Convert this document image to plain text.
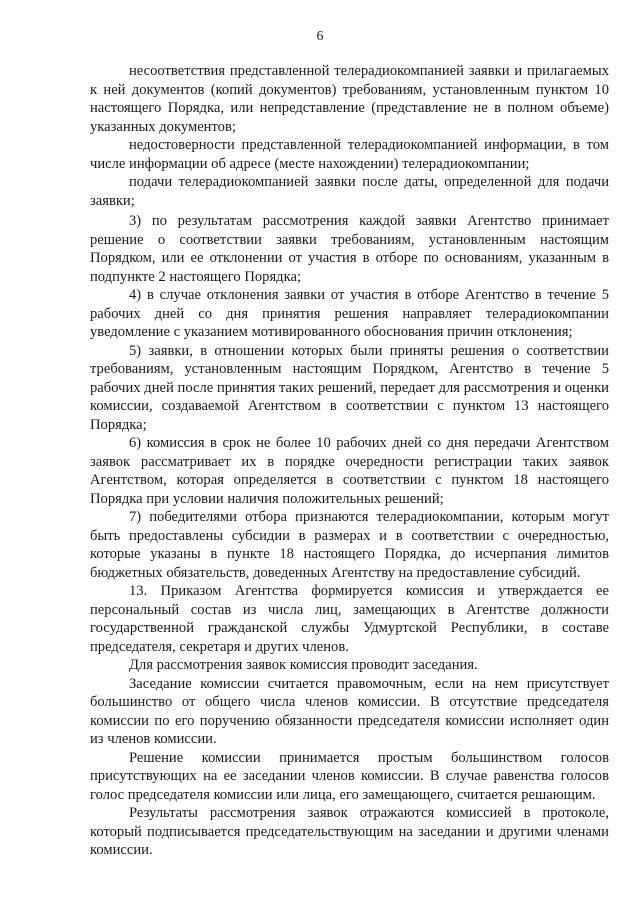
6

несоответствия представленной телерадиокомпанией заявки и прилагаемых к ней документов (копий документов) требованиям, установленным пунктом 10 настоящего Порядка, или непредставление (представление не в полном объеме) указанных документов;

недостоверности представленной телерадиокомпанией информации, в том числе информации об адресе (месте нахождении) телерадиокомпании;

подачи телерадиокомпанией заявки после даты, определенной для подачи заявки;

3) по результатам рассмотрения каждой заявки Агентство принимает решение о соответствии заявки требованиям, установленным настоящим Порядком, или ее отклонении от участия в отборе по основаниям, указанным в подпункте 2 настоящего Порядка;

4) в случае отклонения заявки от участия в отборе Агентство в течение 5 рабочих дней со дня принятия решения направляет телерадиокомпании уведомление с указанием мотивированного обоснования причин отклонения;

5) заявки, в отношении которых были приняты решения о соответствии требованиям, установленным настоящим Порядком, Агентство в течение 5 рабочих дней после принятия таких решений, передает для рассмотрения и оценки комиссии, создаваемой Агентством в соответствии с пунктом 13 настоящего Порядка;

6) комиссия в срок не более 10 рабочих дней со дня передачи Агентством заявок рассматривает их в порядке очередности регистрации таких заявок Агентством, которая определяется в соответствии с пунктом 18 настоящего Порядка при условии наличия положительных решений;

7) победителями отбора признаются телерадиокомпании, которым могут быть предоставлены субсидии в размерах и в соответствии с очередностью, которые указаны в пункте 18 настоящего Порядка, до исчерпания лимитов бюджетных обязательств, доведенных Агентству на предоставление субсидий.

13. Приказом Агентства формируется комиссия и утверждается ее персональный состав из числа лиц, замещающих в Агентстве должности государственной гражданской службы Удмуртской Республики, в составе председателя, секретаря и других членов.

Для рассмотрения заявок комиссия проводит заседания.

Заседание комиссии считается правомочным, если на нем присутствует большинство от общего числа членов комиссии. В отсутствие председателя комиссии по его поручению обязанности председателя комиссии исполняет один из членов комиссии.

Решение комиссии принимается простым большинством голосов присутствующих на ее заседании членов комиссии. В случае равенства голосов голос председателя комиссии или лица, его замещающего, считается решающим.

Результаты рассмотрения заявок отражаются комиссией в протоколе, который подписывается председательствующим на заседании и другими членами комиссии.
